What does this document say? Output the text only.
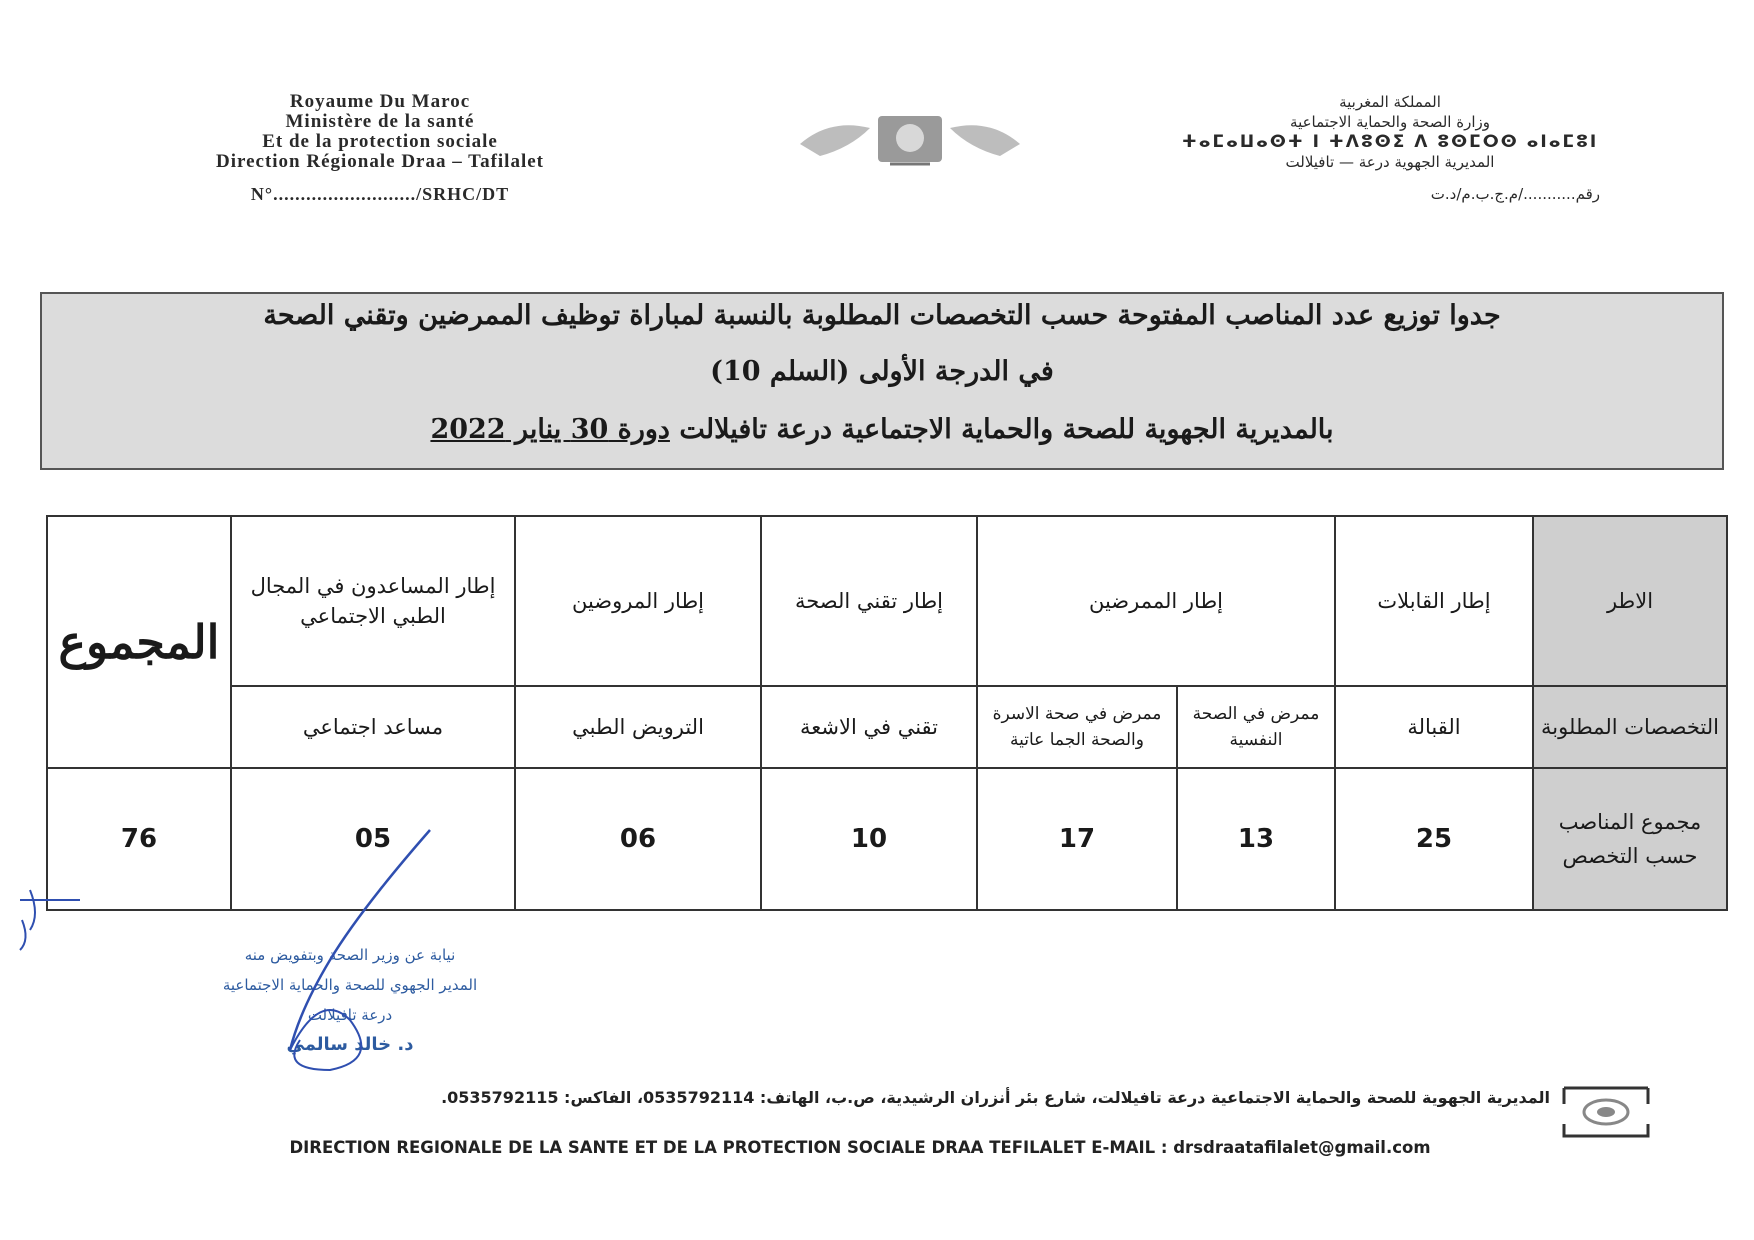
Royaume Du Maroc
Ministère de la santé
Et de la protection sociale
Direction Régionale Draa – Tafilalet
N°........................../SRHC/DT
المملكة المغربية
وزارة الصحة والحماية الاجتماعية
ⵜⴰⵎⴰⵡⴰⵙⵜ ⵏ ⵜⴷⵓⵙⵉ ⴷ ⵓⵙⵎⵔⵙ ⴰⵏⴰⵎⵓⵏ
المديرية الجهوية درعة — تافيلالت
رقم.........../م.ج.ب.م/د.ت
جدوا توزيع عدد المناصب المفتوحة حسب التخصصات المطلوبة بالنسبة لمباراة توظيف الممرضين وتقني الصحة
في الدرجة الأولى (السلم 10)
بالمديرية الجهوية للصحة والحماية الاجتماعية درعة تافيلالت دورة 30 يناير 2022
الاطر	إطار القابلات	إطار الممرضين		إطار تقني الصحة	إطار المروضين	إطار المساعدون في المجال الطبي الاجتماعي	المجموع
التخصصات المطلوبة	القبالة	ممرض في الصحة النفسية	ممرض في صحة الاسرة والصحة الجما عاتية	تقني في الاشعة	الترويض الطبي	مساعد اجتماعي	
مجموع المناصب حسب التخصص	25	13	17	10	06	05	76
نيابة عن وزير الصحة وبتفويض منه
المدير الجهوي للصحة والحماية الاجتماعية
درعة تافيلالت
د. خالد سالمي
المديرية الجهوية للصحة والحماية الاجتماعية درعة تافيلالت، شارع بئر أنزران الرشيدية، ص.ب، الهاتف: 0535792114، الفاكس: 0535792115.
DIRECTION REGIONALE DE LA SANTE ET DE LA PROTECTION SOCIALE DRAA TEFILALET E-MAIL : drsdraatafilalet@gmail.com
